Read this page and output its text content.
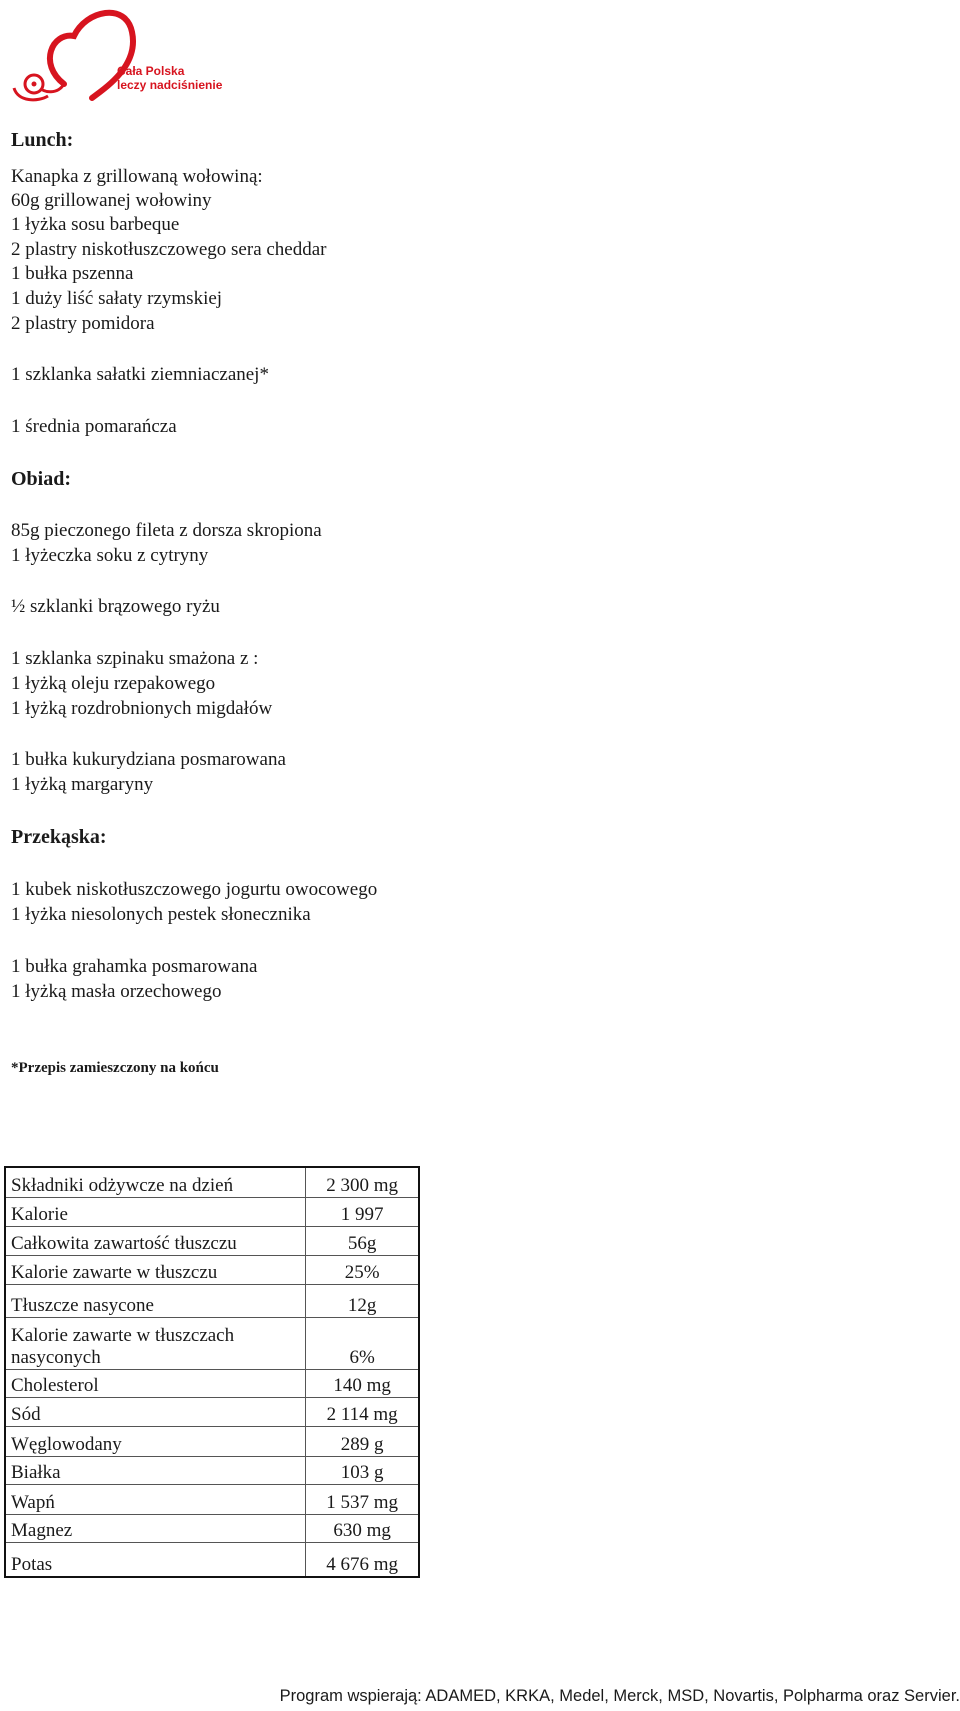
Cała Polska
leczy nadciśnienie
Lunch:
Kanapka z grillowaną wołowiną:
60g grillowanej wołowiny
1 łyżka sosu barbeque
2 plastry niskotłuszczowego sera cheddar
1 bułka pszenna
1 duży liść sałaty rzymskiej
2 plastry pomidora
1 szklanka sałatki ziemniaczanej*
1 średnia pomarańcza
Obiad:
85g pieczonego fileta z dorsza skropiona
1 łyżeczka soku z cytryny
½ szklanki brązowego ryżu
1 szklanka szpinaku smażona z :
1 łyżką oleju rzepakowego
1 łyżką rozdrobnionych migdałów
1 bułka kukurydziana posmarowana
1 łyżką margaryny
Przekąska:
1 kubek niskotłuszczowego jogurtu owocowego
1 łyżka niesolonych pestek słonecznika
1 bułka grahamka posmarowana
1 łyżką masła orzechowego
*Przepis zamieszczony na końcu
Składniki odżywcze na dzień	2 300 mg
Kalorie	1 997
Całkowita zawartość tłuszczu	56g
Kalorie zawarte w tłuszczu	25%
Tłuszcze nasycone	12g
Kalorie zawarte w tłuszczach nasyconych	6%
Cholesterol	140 mg
Sód	2 114 mg
Węglowodany	289 g
Białka	103 g
Wapń	1 537 mg
Magnez	630 mg
Potas	4 676 mg
Program wspierają: ADAMED, KRKA, Medel, Merck, MSD, Novartis, Polpharma oraz Servier.
